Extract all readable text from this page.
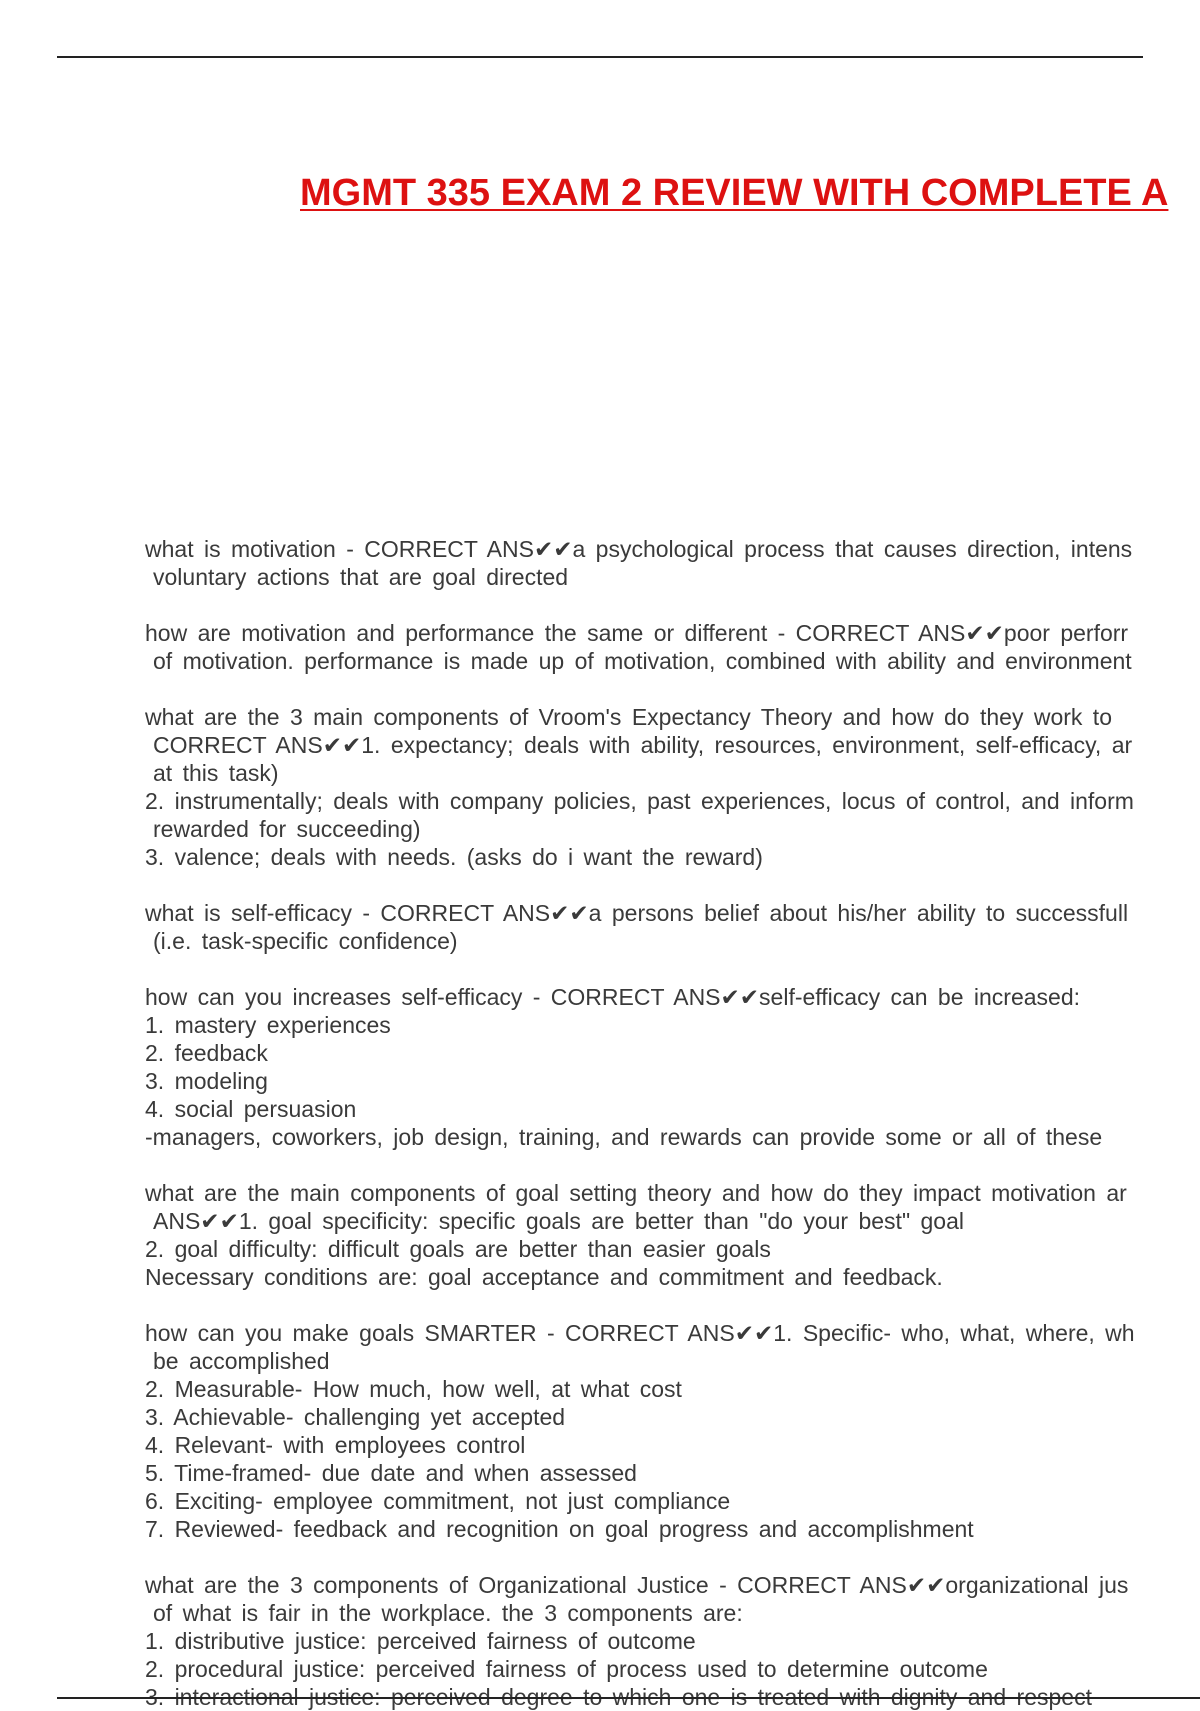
MGMT 335 EXAM 2 REVIEW WITH COMPLETE A
what is motivation - CORRECT ANS✔✔a psychological process that causes direction, intens
voluntary actions that are goal directed
how are motivation and performance the same or different - CORRECT ANS✔✔poor perforr
of motivation. performance is made up of motivation, combined with ability and environment
what are the 3 main components of Vroom's Expectancy Theory and how do they work to
CORRECT ANS✔✔1. expectancy; deals with ability, resources, environment, self-efficacy, ar
at this task)
2. instrumentally; deals with company policies, past experiences, locus of control, and inform
rewarded for succeeding)
3. valence; deals with needs. (asks do i want the reward)
what is self-efficacy - CORRECT ANS✔✔a persons belief about his/her ability to successfull
(i.e. task-specific confidence)
how can you increases self-efficacy - CORRECT ANS✔✔self-efficacy can be increased:
1. mastery experiences
2. feedback
3. modeling
4. social persuasion
-managers, coworkers, job design, training, and rewards can provide some or all of these
what are the main components of goal setting theory and how do they impact motivation ar
ANS✔✔1. goal specificity: specific goals are better than "do your best" goal
2. goal difficulty: difficult goals are better than easier goals
Necessary conditions are: goal acceptance and commitment and feedback.
how can you make goals SMARTER - CORRECT ANS✔✔1. Specific- who, what, where, wh
be accomplished
2. Measurable- How much, how well, at what cost
3. Achievable- challenging yet accepted
4. Relevant- with employees control
5. Time-framed- due date and when assessed
6. Exciting- employee commitment, not just compliance
7. Reviewed- feedback and recognition on goal progress and accomplishment
what are the 3 components of Organizational Justice - CORRECT ANS✔✔organizational jus
of what is fair in the workplace. the 3 components are:
1. distributive justice: perceived fairness of outcome
2. procedural justice: perceived fairness of process used to determine outcome
3. interactional justice: perceived degree to which one is treated with dignity and respect
